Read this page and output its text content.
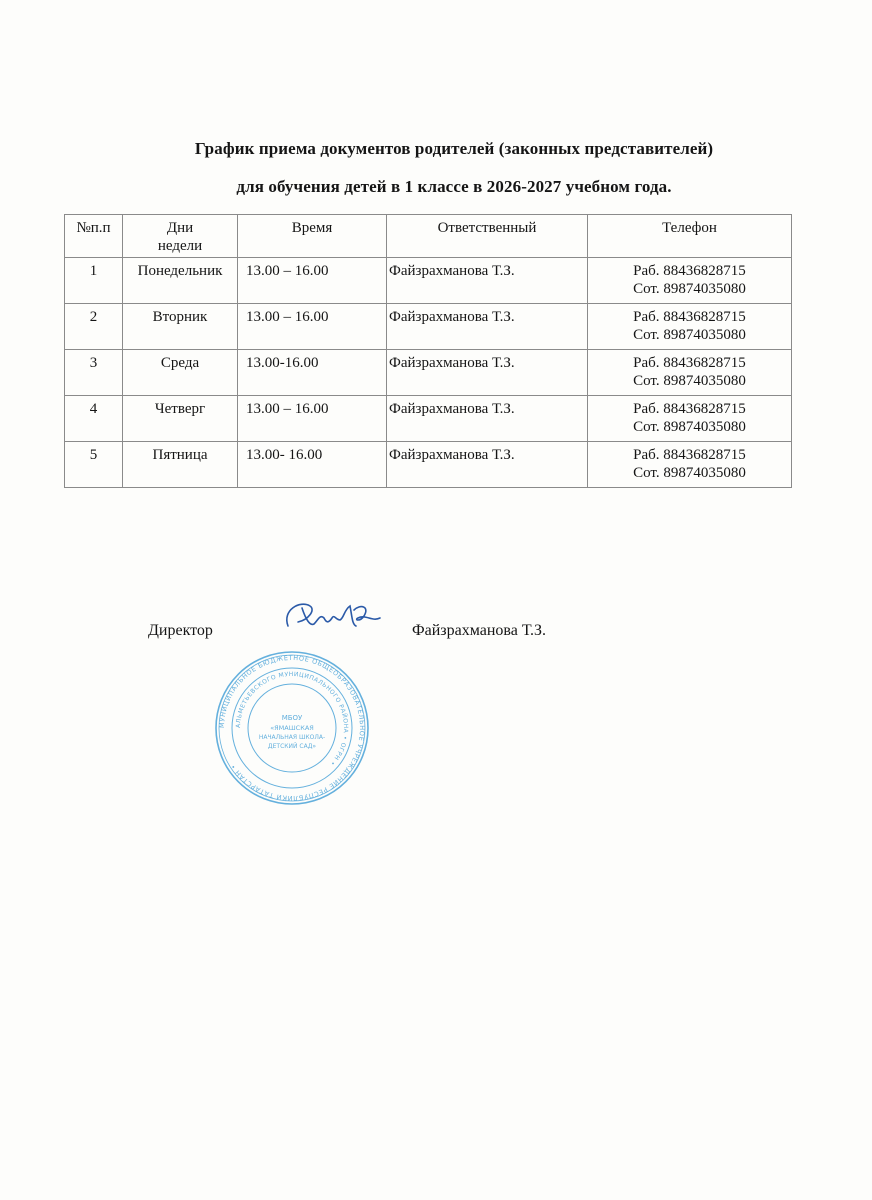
График приема документов родителей (законных представителей)
для обучения детей в 1 классе в 2026-2027 учебном года.
№п.п	Дни недели	Время	Ответственный	Телефон

1	Понедельник	13.00 – 16.00	Файзрахманова Т.З.	Раб. 88436828715
Сот. 89874035080

2	Вторник	13.00 – 16.00	Файзрахманова Т.З.	Раб. 88436828715
Сот. 89874035080

3	Среда	13.00-16.00	Файзрахманова Т.З.	Раб. 88436828715
Сот. 89874035080

4	Четверг	13.00 – 16.00	Файзрахманова Т.З.	Раб. 88436828715
Сот. 89874035080

5	Пятница	13.00- 16.00	Файзрахманова Т.З.	Раб. 88436828715
Сот. 89874035080
Директор	Файзрахманова Т.З.
МУНИЦИПАЛЬНОЕ БЮДЖЕТНОЕ ОБЩЕОБРАЗОВАТЕЛЬНОЕ УЧРЕЖДЕНИЕ РЕСПУБЛИКИ ТАТАРСТАН •
АЛЬМЕТЬЕВСКОГО МУНИЦИПАЛЬНОГО РАЙОНА • ОГРН •
МБОУ
«ЯМАШСКАЯ
НАЧАЛЬНАЯ ШКОЛА-
ДЕТСКИЙ САД»
